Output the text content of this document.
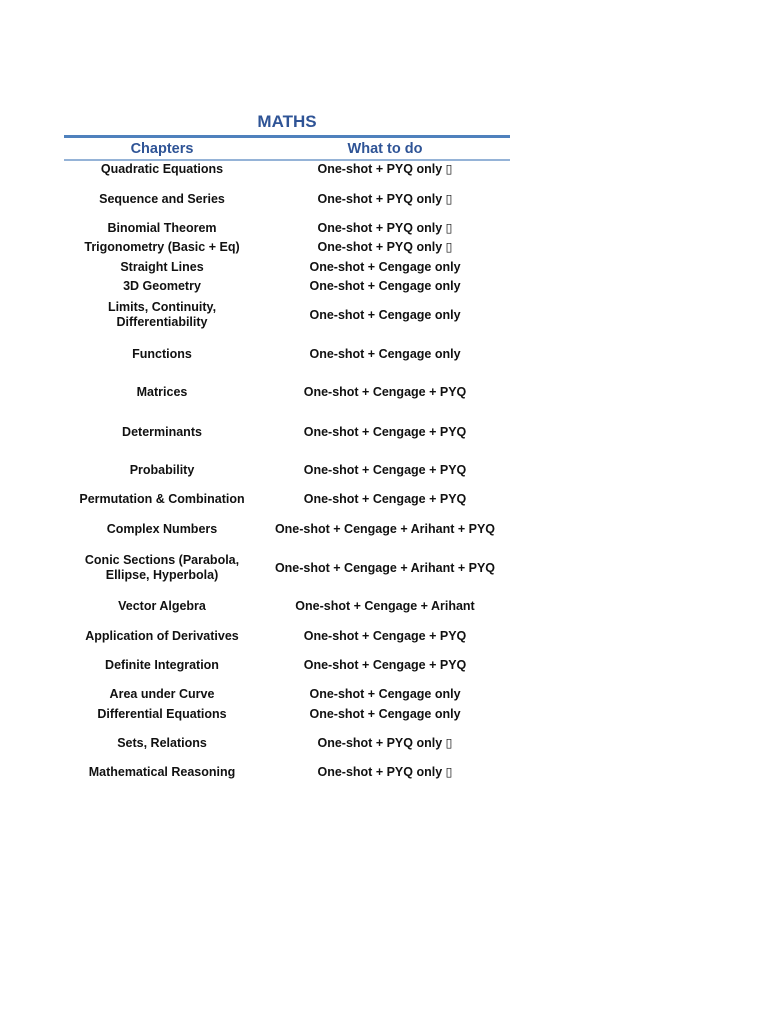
MATHS
Chapters	What to do
Quadratic Equations	One-shot + PYQ only ▯
Sequence and Series	One-shot + PYQ only ▯
Binomial Theorem	One-shot + PYQ only ▯
Trigonometry (Basic + Eq)	One-shot + PYQ only ▯
Straight Lines	One-shot + Cengage only
3D Geometry	One-shot + Cengage only
Limits, Continuity, Differentiability	One-shot + Cengage only
Functions	One-shot + Cengage only
Matrices	One-shot + Cengage + PYQ
Determinants	One-shot + Cengage + PYQ
Probability	One-shot + Cengage + PYQ
Permutation & Combination	One-shot + Cengage + PYQ
Complex Numbers	One-shot + Cengage + Arihant + PYQ
Conic Sections (Parabola, Ellipse, Hyperbola)	One-shot + Cengage + Arihant + PYQ
Vector Algebra	One-shot + Cengage + Arihant
Application of Derivatives	One-shot + Cengage + PYQ
Definite Integration	One-shot + Cengage + PYQ
Area under Curve	One-shot + Cengage only
Differential Equations	One-shot + Cengage only
Sets, Relations	One-shot + PYQ only ▯
Mathematical Reasoning	One-shot + PYQ only ▯
